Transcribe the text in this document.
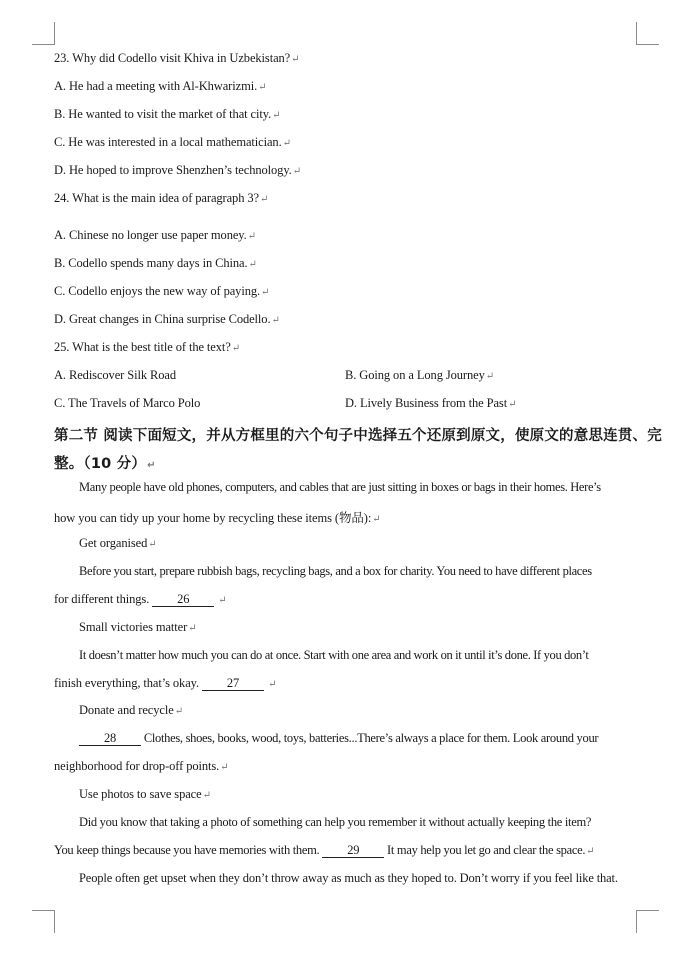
23. Why did Codello visit Khiva in Uzbekistan?↵
A. He had a meeting with Al-Khwarizmi.↵
B. He wanted to visit the market of that city.↵
C. He was interested in a local mathematician.↵
D. He hoped to improve Shenzhen’s technology.↵
24. What is the main idea of paragraph 3?↵
A. Chinese no longer use paper money.↵
B. Codello spends many days in China.↵
C. Codello enjoys the new way of paying.↵
D. Great changes in China surprise Codello.↵
25. What is the best title of the text?↵
A. Rediscover Silk Road	B. Going on a Long Journey↵
C. The Travels of Marco Polo	D. Lively Business from the Past↵
第二节 阅读下面短文，并从方框里的六个句子中选择五个还原到原文，使原文的意思连贯、完
整。（10 分）↵
Many people have old phones, computers, and cables that are just sitting in boxes or bags in their homes. Here’s
how you can tidy up your home by recycling these items (物品):↵
Get organised↵
Before you start, prepare rubbish bags, recycling bags, and a box for charity. You need to have different places
for different things. 26	↵
Small victories matter↵
It doesn’t matter how much you can do at once. Start with one area and work on it until it’s done. If you don’t
finish everything, that’s okay. 27	↵
Donate and recycle↵
28 Clothes, shoes, books, wood, toys, batteries...There’s always a place for them. Look around your
neighborhood for drop-off points.↵
Use photos to save space↵
Did you know that taking a photo of something can help you remember it without actually keeping the item?
You keep things because you have memories with them. 29 It may help you let go and clear the space.↵
People often get upset when they don’t throw away as much as they hoped to. Don’t worry if you feel like that.
